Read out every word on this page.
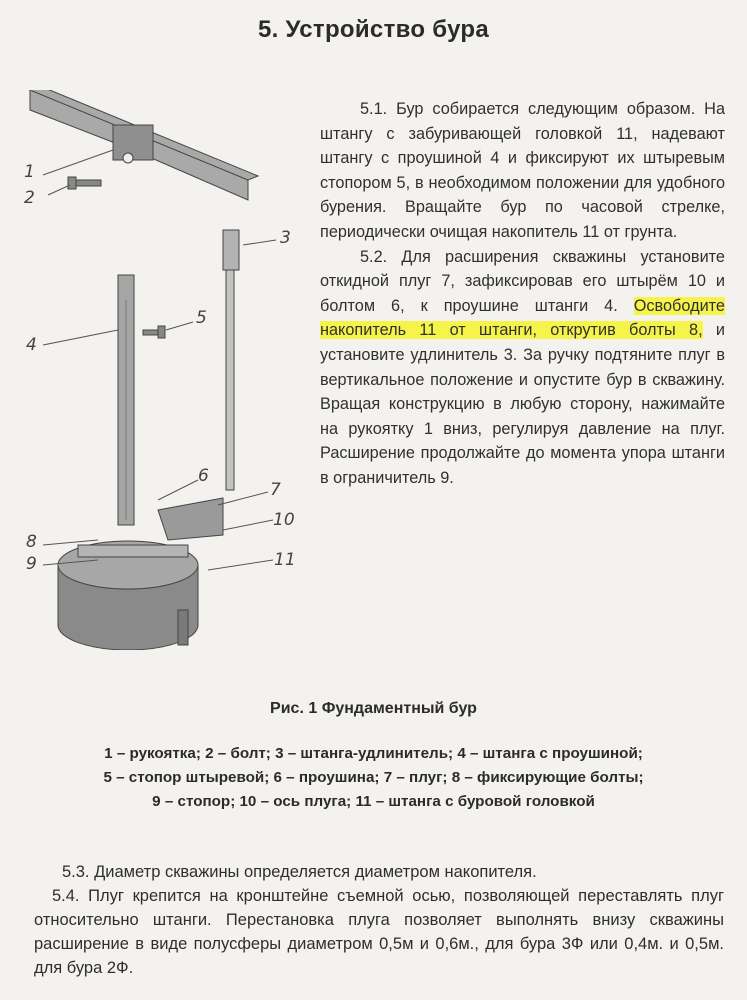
5. Устройство бура
1
2
3
4
5
6
7
8
9
10
11

5.1. Бур собирается следующим образом. На штангу с забуривающей головкой 11, надевают штангу с проушиной 4 и фиксируют их штыревым стопором 5, в необходимом положении для удобного бурения. Вращайте бур по часовой стрелке, периодически очищая накопитель 11 от грунта.

5.2. Для расширения скважины установите откидной плуг 7, зафиксировав его штырём 10 и болтом 6, к проушине штанги 4. Освободите накопитель 11 от штанги, открутив болты 8, и установите удлинитель 3. За ручку подтяните плуг в вертикальное положение и опустите бур в скважину. Вращая конструкцию в любую сторону, нажимайте на рукоятку 1 вниз, регулируя давление на плуг. Расширение продолжайте до момента упора штанги в ограничитель 9.

Рис. 1 Фундаментный бур
1 – рукоятка; 2 – болт; 3 – штанга-удлинитель; 4 – штанга с проушиной;
5 – стопор штыревой; 6 – проушина; 7 – плуг; 8 – фиксирующие болты;
9 – стопор; 10 – ось плуга; 11 – штанга с буровой головкой

5.3. Диаметр скважины определяется диаметром накопителя.

5.4. Плуг крепится на кронштейне съемной осью, позволяющей переставлять плуг относительно штанги. Перестановка плуга позволяет выполнять внизу скважины расширение в виде полусферы диаметром 0,5м и 0,6м., для бура 3Ф или 0,4м. и 0,5м. для бура 2Ф.
